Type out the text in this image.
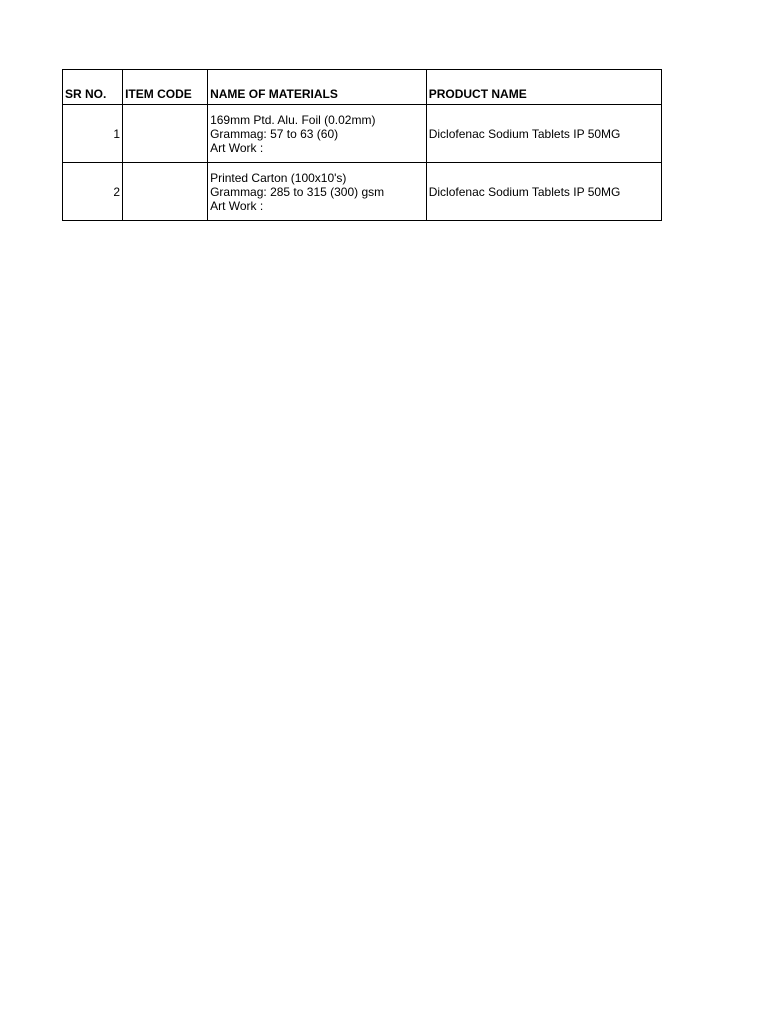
SR NO.	ITEM CODE	NAME OF MATERIALS	PRODUCT NAME
1		169mm Ptd. Alu. Foil (0.02mm)
Grammag: 57 to 63 (60)
Art Work :	Diclofenac Sodium Tablets IP 50MG
2		Printed Carton (100x10's)
Grammag: 285 to 315 (300) gsm
Art Work :	Diclofenac Sodium Tablets IP 50MG
